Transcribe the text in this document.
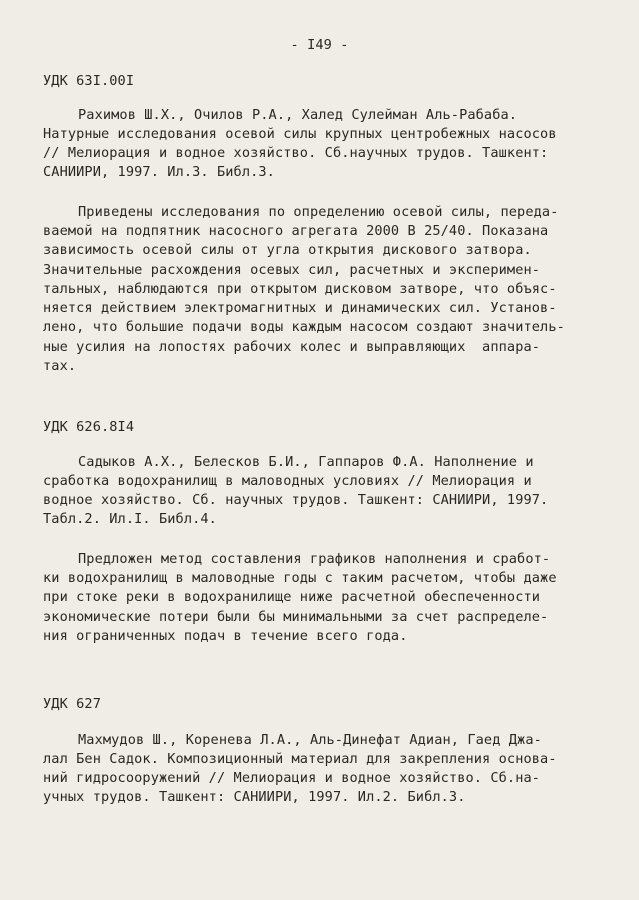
- I49 -
УДК 63I.00I
Рахимов Ш.Х., Очилов Р.А., Халед Сулейман Аль-Рабаба.
Натурные исследования осевой силы крупных центробежных насосов
// Мелиорация и водное хозяйство. Сб.научных трудов. Ташкент:
САНИИРИ, 1997. Ил.3. Библ.3.
Приведены исследования по определению осевой силы, переда-
ваемой на подпятник насосного агрегата 2000 В 25/40. Показана
зависимость осевой силы от угла открытия дискового затвора.
Значительные расхождения осевых сил, расчетных и эксперимен-
тальных, наблюдаются при открытом дисковом затворе, что объяс-
няется действием электромагнитных и динамических сил. Установ-
лено, что большие подачи воды каждым насосом создают значитель-
ные усилия на лопостях рабочих колес и выправляющих  аппара-
тах.
УДК 626.8I4
Садыков А.Х., Белесков Б.И., Гаппаров Ф.А. Наполнение и
сработка водохранилищ в маловодных условиях // Мелиорация и
водное хозяйство. Сб. научных трудов. Ташкент: САНИИРИ, 1997.
Табл.2. Ил.I. Библ.4.
Предложен метод составления графиков наполнения и сработ-
ки водохранилищ в маловодные годы с таким расчетом, чтобы даже
при стоке реки в водохранилище ниже расчетной обеспеченности
экономические потери были бы минимальными за счет распределе-
ния ограниченных подач в течение всего года.
УДК 627
Махмудов Ш., Коренева Л.А., Аль-Динефат Адиан, Гаед Джа-
лал Бен Садок. Композиционный материал для закрепления основа-
ний гидросооружений // Мелиорация и водное хозяйство. Сб.на-
учных трудов. Ташкент: САНИИРИ, 1997. Ил.2. Библ.3.
